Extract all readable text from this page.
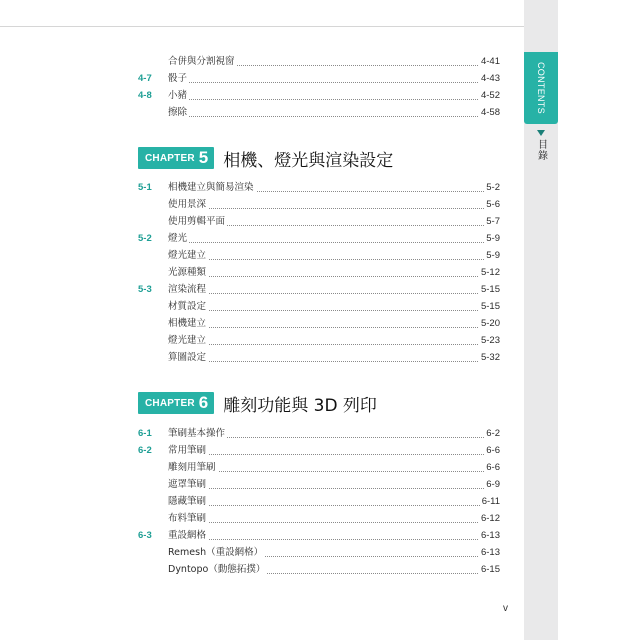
CONTENTS
目錄
合併與分割視窗	4-41
4-7 骰子	4-43
4-8 小豬	4-52
擦除	4-58
CHAPTER 5 相機、燈光與渲染設定
5-1 相機建立與簡易渲染	5-2
使用景深	5-6
使用剪輯平面	5-7
5-2 燈光	5-9
燈光建立	5-9
光源種類	5-12
5-3 渲染流程	5-15
材質設定	5-15
相機建立	5-20
燈光建立	5-23
算圖設定	5-32
CHAPTER 6 雕刻功能與 3D 列印
6-1 筆刷基本操作	6-2
6-2 常用筆刷	6-6
雕刻用筆刷	6-6
遮罩筆刷	6-9
隱藏筆刷	6-11
布料筆刷	6-12
6-3 重設網格	6-13
Remesh（重設網格）	6-13
Dyntopo（動態拓撲）	6-15
v
